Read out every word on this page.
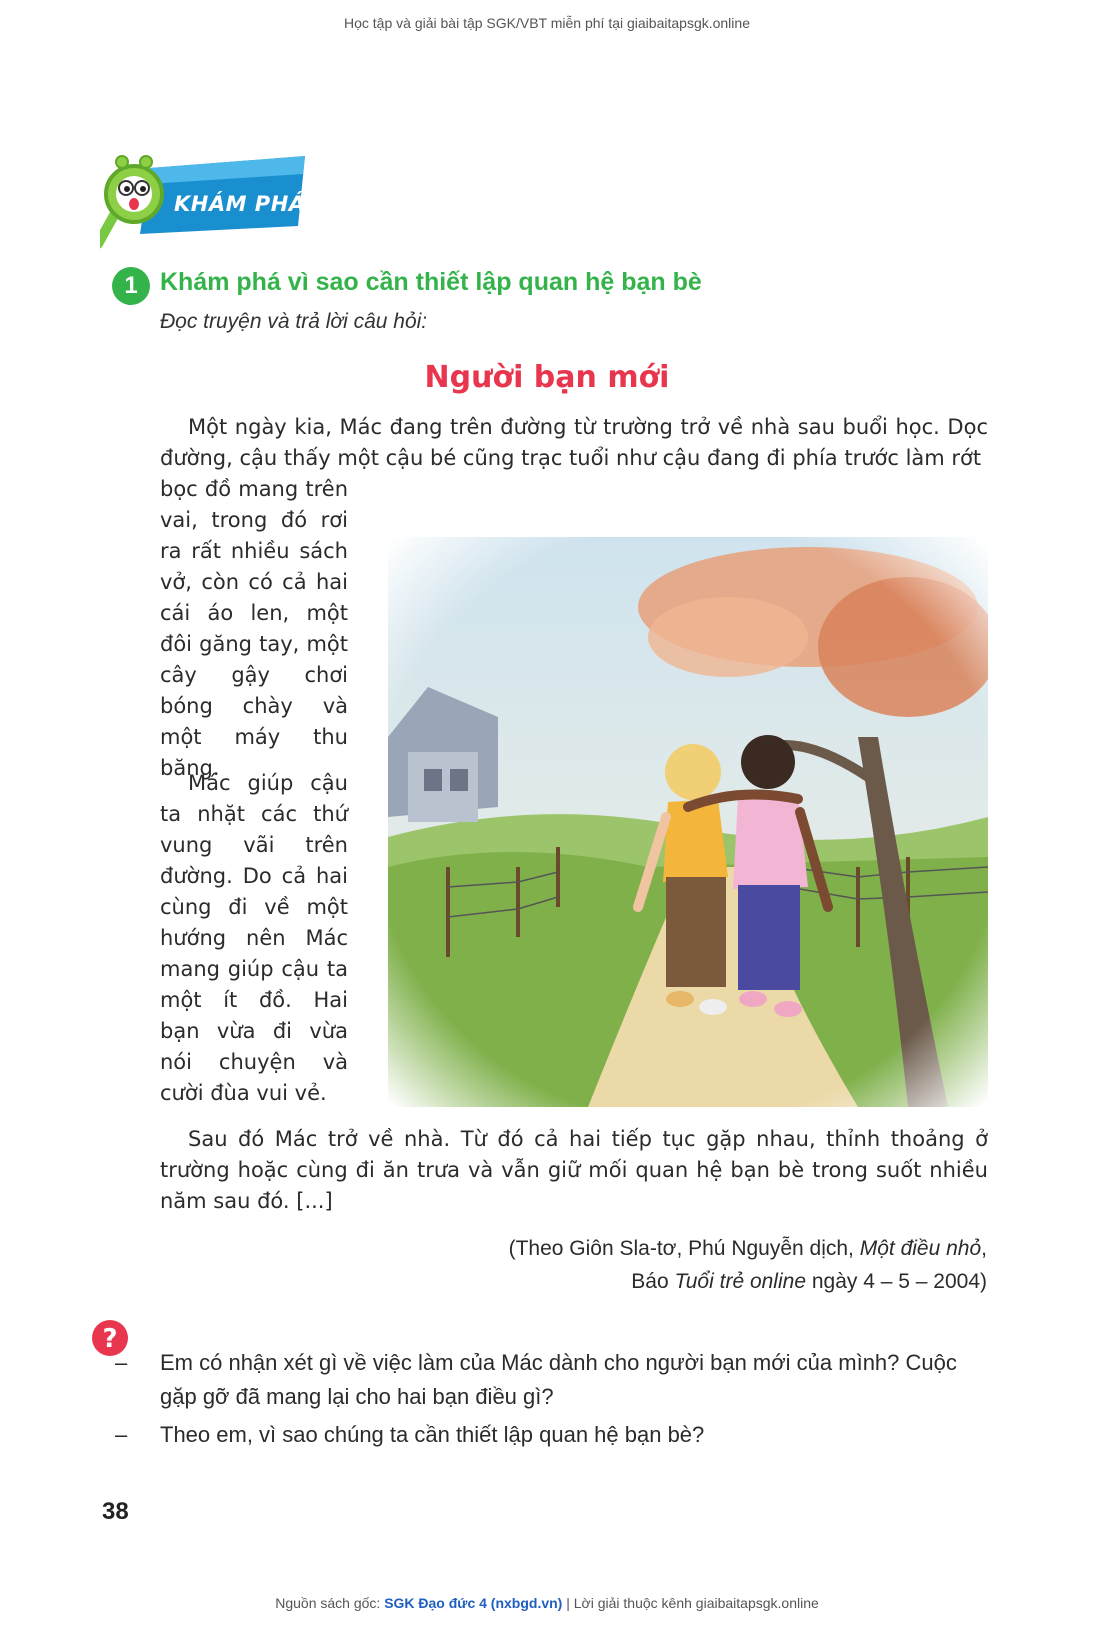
Học tập và giải bài tập SGK/VBT miễn phí tại giaibaitapsgk.online
KHÁM PHÁ
1 Khám phá vì sao cần thiết lập quan hệ bạn bè
Đọc truyện và trả lời câu hỏi:
Người bạn mới

Một ngày kia, Mác đang trên đường từ trường trở về nhà sau buổi học. Dọc đường, cậu thấy một cậu bé cũng trạc tuổi như cậu đang đi phía trước làm rớt

bọc đồ mang trên vai, trong đó rơi ra rất nhiều sách vở, còn có cả hai cái áo len, một đôi găng tay, một cây gậy chơi bóng chày và một máy thu băng.

Mác giúp cậu ta nhặt các thứ vung vãi trên đường. Do cả hai cùng đi về một hướng nên Mác mang giúp cậu ta một ít đồ. Hai bạn vừa đi vừa nói chuyện và cười đùa vui vẻ.

Sau đó Mác trở về nhà. Từ đó cả hai tiếp tục gặp nhau, thỉnh thoảng ở trường hoặc cùng đi ăn trưa và vẫn giữ mối quan hệ bạn bè trong suốt nhiều năm sau đó. [...]

(Theo Giôn Sla-tơ, Phú Nguyễn dịch, Một điều nhỏ,
Báo Tuổi trẻ online ngày 4 – 5 – 2004)
?
–	Em có nhận xét gì về việc làm của Mác dành cho người bạn mới của mình? Cuộc gặp gỡ đã mang lại cho hai bạn điều gì?
–	Theo em, vì sao chúng ta cần thiết lập quan hệ bạn bè?
38
Nguồn sách gốc: SGK Đạo đức 4 (nxbgd.vn) | Lời giải thuộc kênh giaibaitapsgk.online
